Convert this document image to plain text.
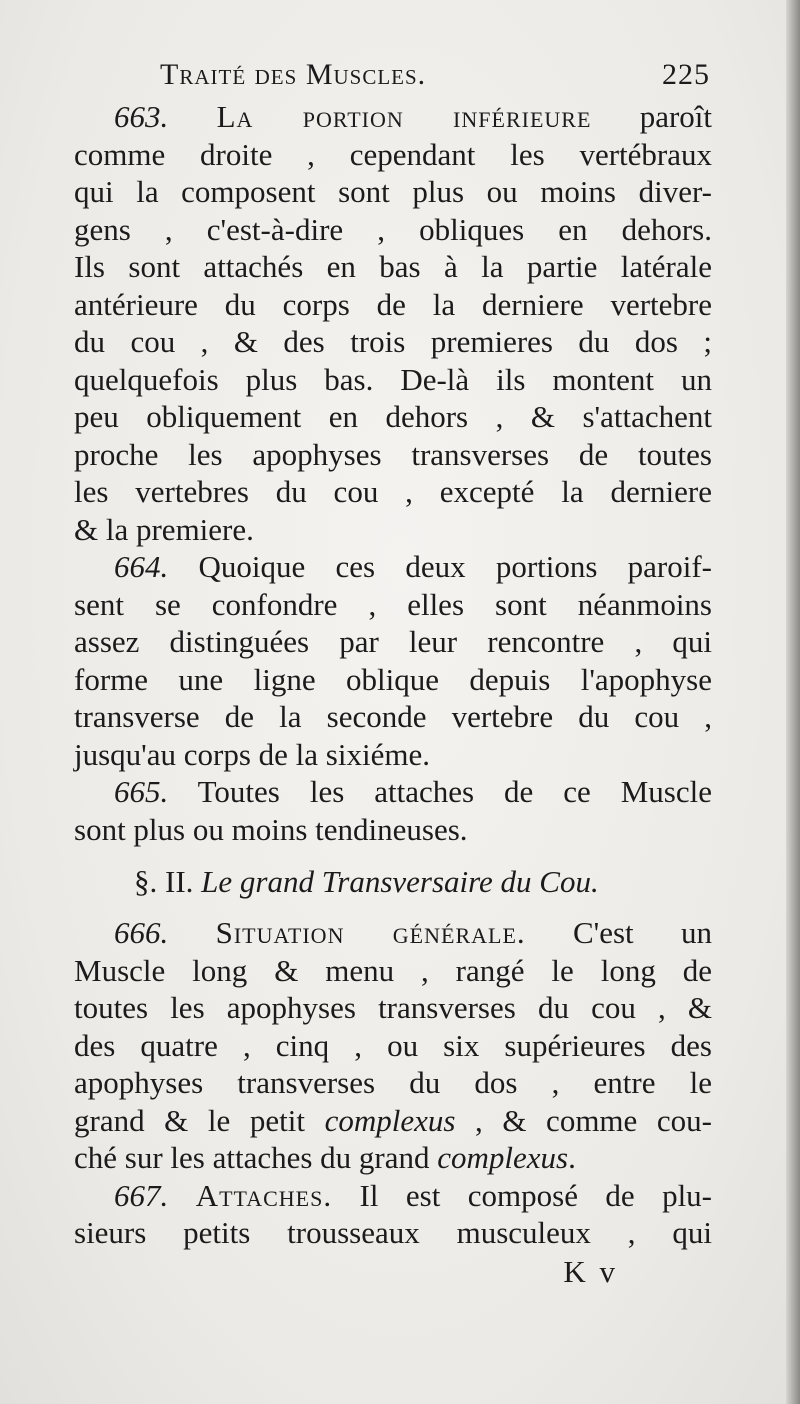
Traité des Muscles.	225
663. La portion inférieure paroît
comme droite , cependant les vertébraux
qui la composent sont plus ou moins diver-
gens , c'est-à-dire , obliques en dehors.
Ils sont attachés en bas à la partie latérale
antérieure du corps de la derniere vertebre
du cou , & des trois premieres du dos ;
quelquefois plus bas. De-là ils montent un
peu obliquement en dehors , & s'attachent
proche les apophyses transverses de toutes
les vertebres du cou , excepté la derniere
& la premiere.
664. Quoique ces deux portions paroif-
sent se confondre , elles sont néanmoins
assez distinguées par leur rencontre , qui
forme une ligne oblique depuis l'apophyse
transverse de la seconde vertebre du cou ,
jusqu'au corps de la sixiéme.
665. Toutes les attaches de ce Muscle
sont plus ou moins tendineuses.
§. II. Le grand Transversaire du Cou.
666. Situation générale. C'est un
Muscle long & menu , rangé le long de
toutes les apophyses transverses du cou , &
des quatre , cinq , ou six supérieures des
apophyses transverses du dos , entre le
grand & le petit complexus , & comme cou-
ché sur les attaches du grand complexus.
667. Attaches. Il est composé de plu-
sieurs petits trousseaux musculeux , qui
K v
